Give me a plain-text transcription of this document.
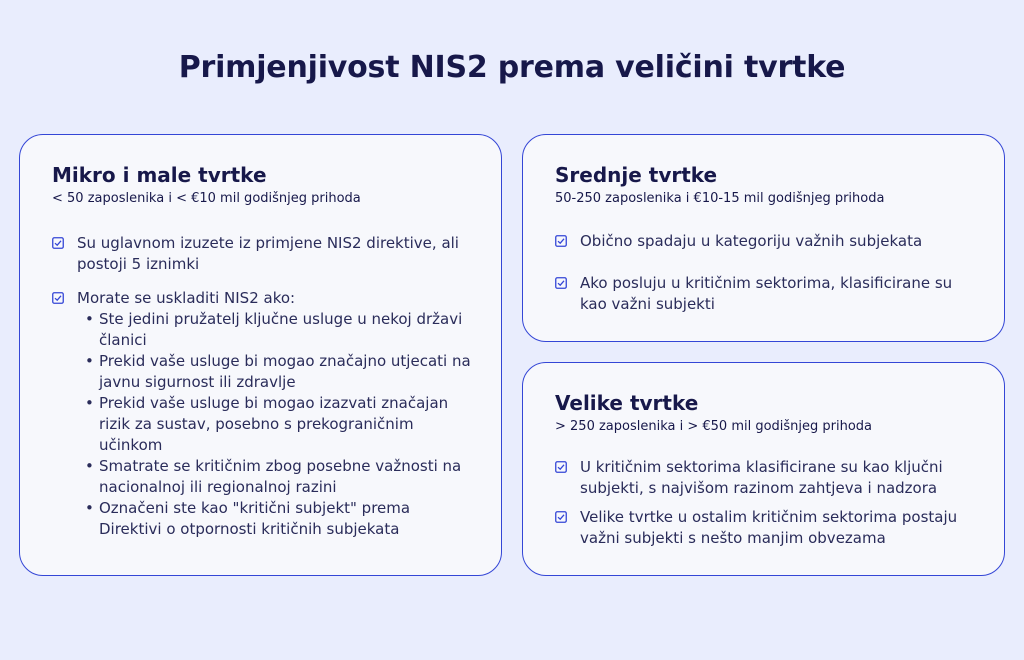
Primjenjivost NIS2 prema veličini tvrtke
Mikro i male tvrtke
< 50 zaposlenika i < €10 mil godišnjeg prihoda
Su uglavnom izuzete iz primjene NIS2 direktive, ali postoji 5 iznimki
Morate se uskladiti NIS2 ako:
• Ste jedini pružatelj ključne usluge u nekoj državi članici
• Prekid vaše usluge bi mogao značajno utjecati na javnu sigurnost ili zdravlje
• Prekid vaše usluge bi mogao izazvati značajan rizik za sustav, posebno s prekograničnim učinkom
• Smatrate se kritičnim zbog posebne važnosti na nacionalnoj ili regionalnoj razini
• Označeni ste kao "kritični subjekt" prema Direktivi o otpornosti kritičnih subjekata
Srednje tvrtke
50-250 zaposlenika i €10-15 mil godišnjeg prihoda
Obično spadaju u kategoriju važnih subjekata
Ako posluju u kritičnim sektorima, klasificirane su kao važni subjekti
Velike tvrtke
> 250 zaposlenika i > €50 mil godišnjeg prihoda
U kritičnim sektorima klasificirane su kao ključni subjekti, s najvišom razinom zahtjeva i nadzora
Velike tvrtke u ostalim kritičnim sektorima postaju važni subjekti s nešto manjim obvezama
